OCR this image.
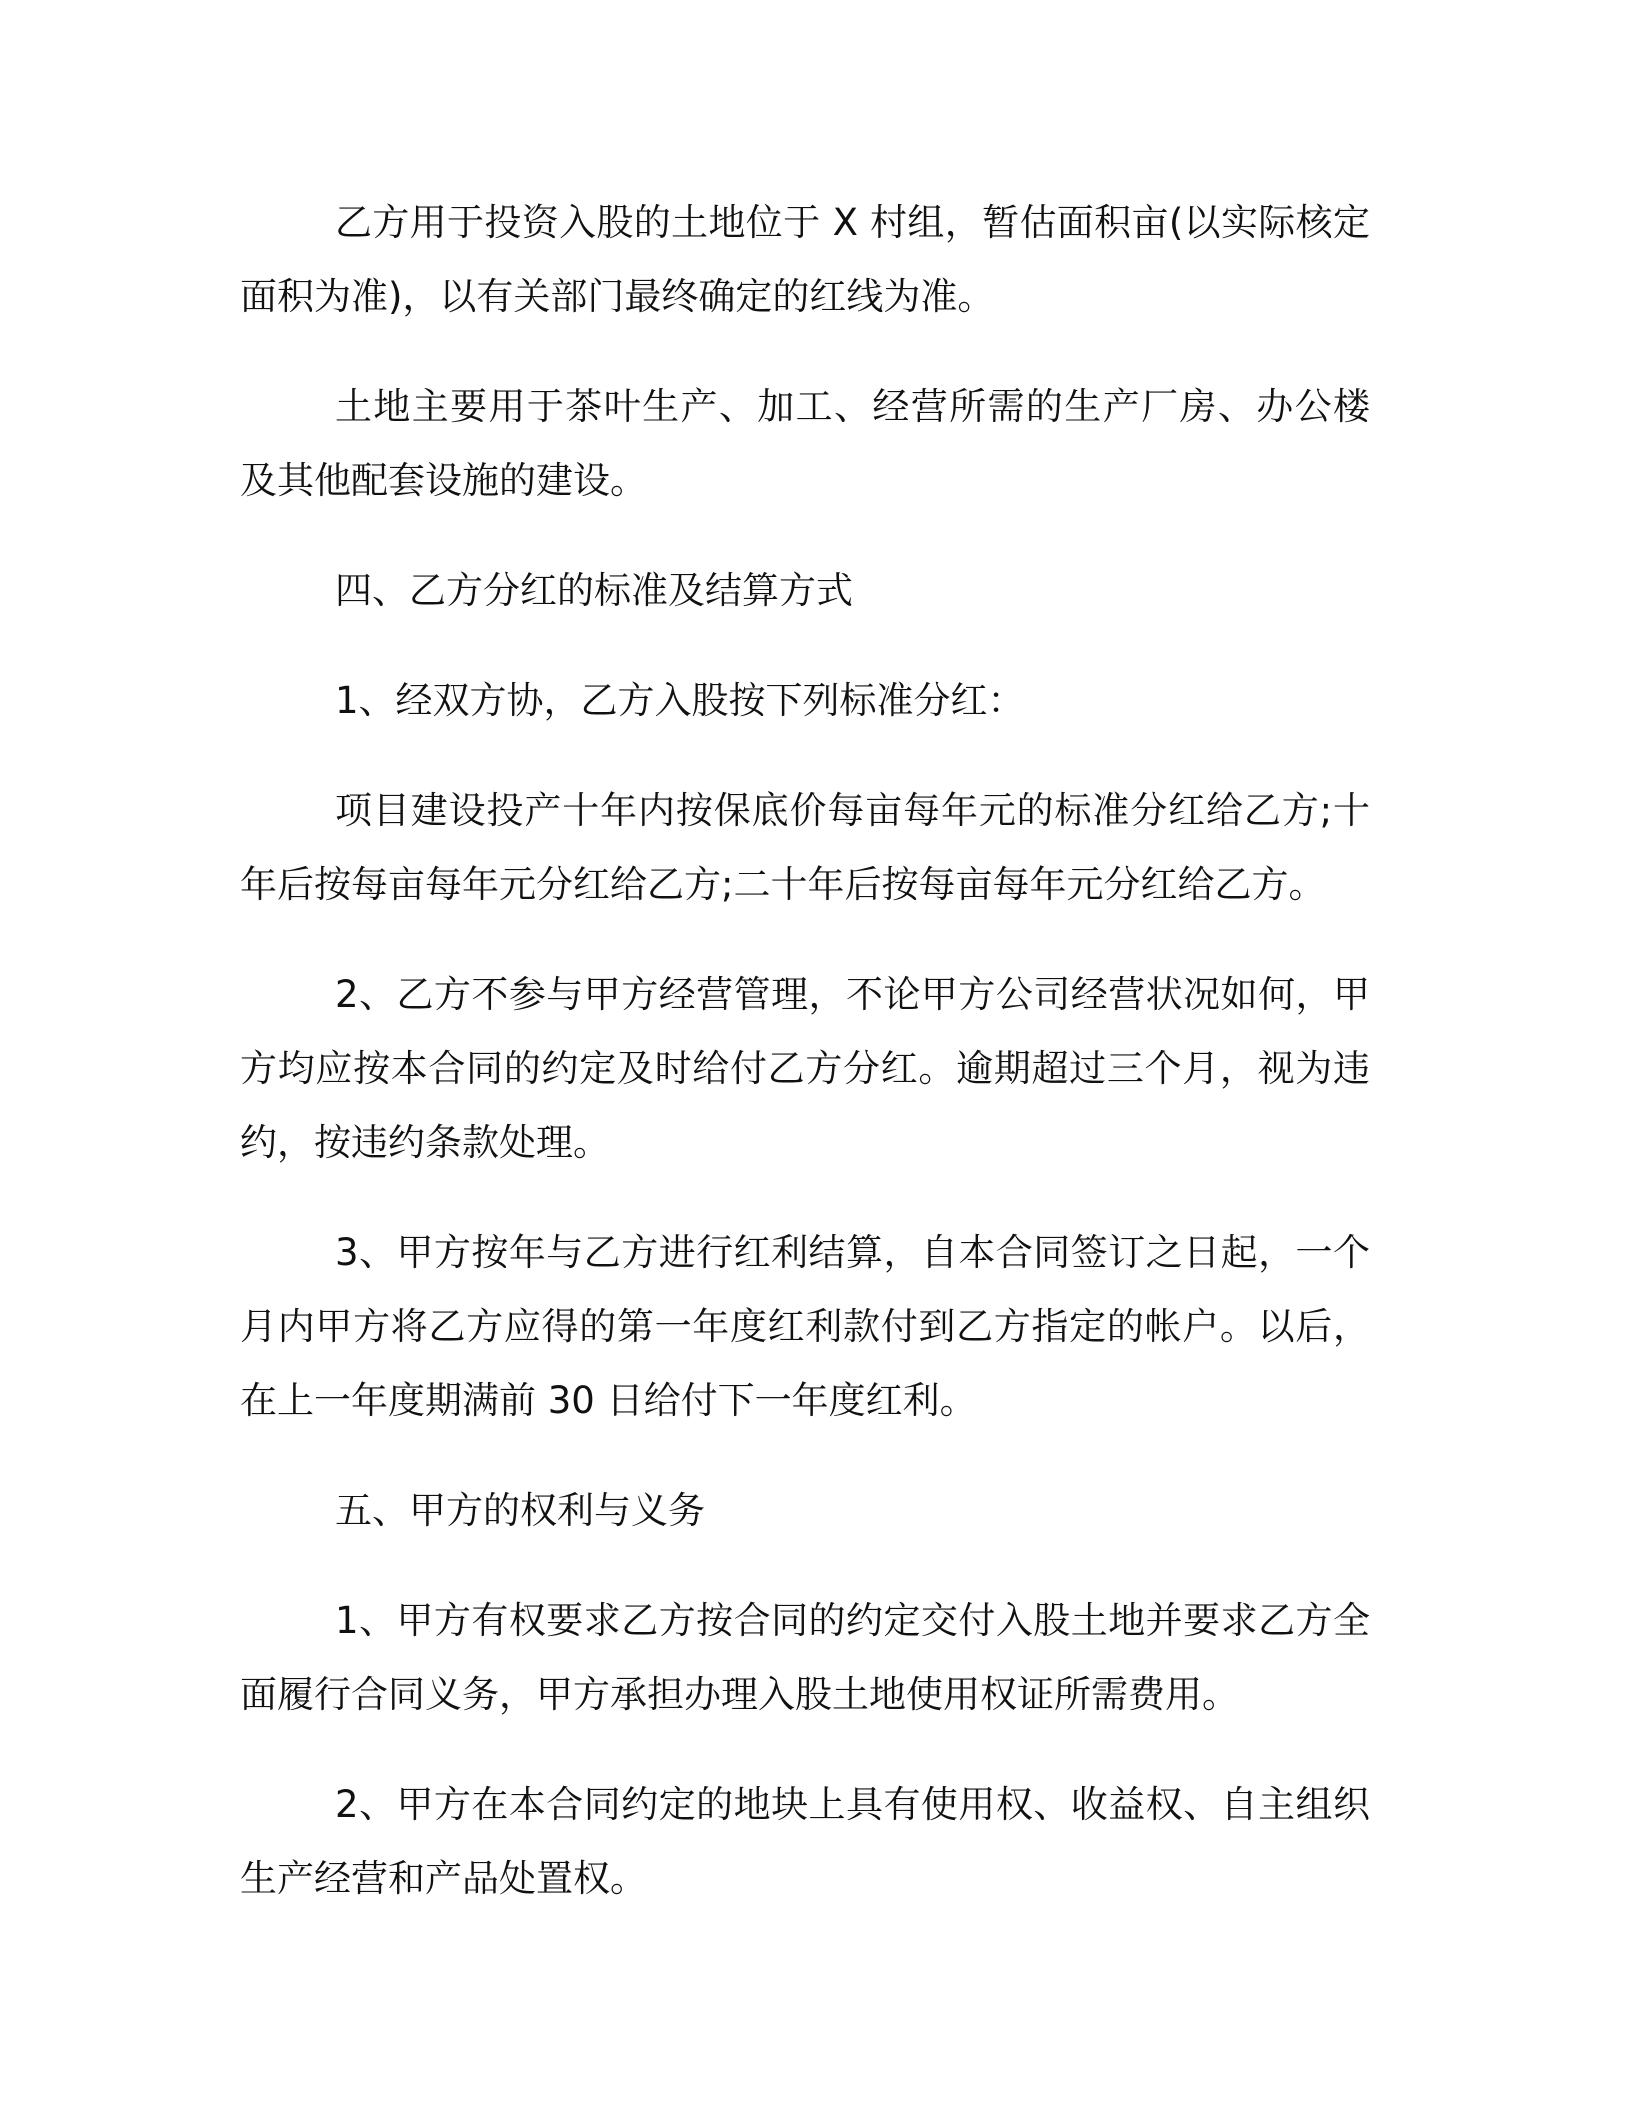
乙方用于投资入股的土地位于 X 村组，暂估面积亩(以实际核定面积为准)，以有关部门最终确定的红线为准。

土地主要用于茶叶生产、加工、经营所需的生产厂房、办公楼及其他配套设施的建设。

四、乙方分红的标准及结算方式

1、经双方协，乙方入股按下列标准分红：

项目建设投产十年内按保底价每亩每年元的标准分红给乙方;十年后按每亩每年元分红给乙方;二十年后按每亩每年元分红给乙方。

2、乙方不参与甲方经营管理，不论甲方公司经营状况如何，甲方均应按本合同的约定及时给付乙方分红。逾期超过三个月，视为违约，按违约条款处理。

3、甲方按年与乙方进行红利结算，自本合同签订之日起，一个月内甲方将乙方应得的第一年度红利款付到乙方指定的帐户。以后，在上一年度期满前 30 日给付下一年度红利。

五、甲方的权利与义务

1、甲方有权要求乙方按合同的约定交付入股土地并要求乙方全面履行合同义务，甲方承担办理入股土地使用权证所需费用。

2、甲方在本合同约定的地块上具有使用权、收益权、自主组织生产经营和产品处置权。
